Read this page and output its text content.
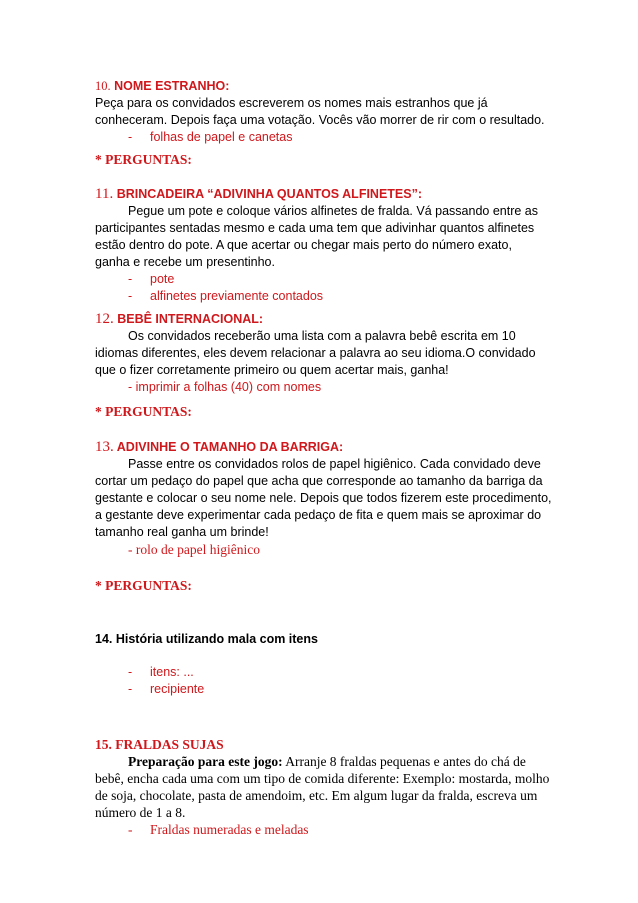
10. NOME ESTRANHO:
Peça para os convidados escreverem os nomes mais estranhos que já
conheceram. Depois faça uma votação. Vocês vão morrer de rir com o resultado.
- folhas de papel e canetas
* PERGUNTAS:
11. BRINCADEIRA “ADIVINHA QUANTOS ALFINETES”:
Pegue um pote e coloque vários alfinetes de fralda. Vá passando entre as
participantes sentadas mesmo e cada uma tem que adivinhar quantos alfinetes
estão dentro do pote. A que acertar ou chegar mais perto do número exato,
ganha e recebe um presentinho.
- pote
- alfinetes previamente contados
12. BEBÊ INTERNACIONAL:
Os convidados receberão uma lista com a palavra bebê escrita em 10
idiomas diferentes, eles devem relacionar a palavra ao seu idioma.O convidado
que o fizer corretamente primeiro ou quem acertar mais, ganha!
- imprimir a folhas (40) com nomes
* PERGUNTAS:
13. ADIVINHE O TAMANHO DA BARRIGA:
Passe entre os convidados rolos de papel higiênico. Cada convidado deve
cortar um pedaço do papel que acha que corresponde ao tamanho da barriga da
gestante e colocar o seu nome nele. Depois que todos fizerem este procedimento,
a gestante deve experimentar cada pedaço de fita e quem mais se aproximar do
tamanho real ganha um brinde!
- rolo de papel higiênico
* PERGUNTAS:
14. História utilizando mala com itens
- itens: ...
- recipiente
15. FRALDAS SUJAS
Preparação para este jogo: Arranje 8 fraldas pequenas e antes do chá de
bebê, encha cada uma com um tipo de comida diferente: Exemplo: mostarda, molho
de soja, chocolate, pasta de amendoim, etc. Em algum lugar da fralda, escreva um
número de 1 a 8.
- Fraldas numeradas e meladas
